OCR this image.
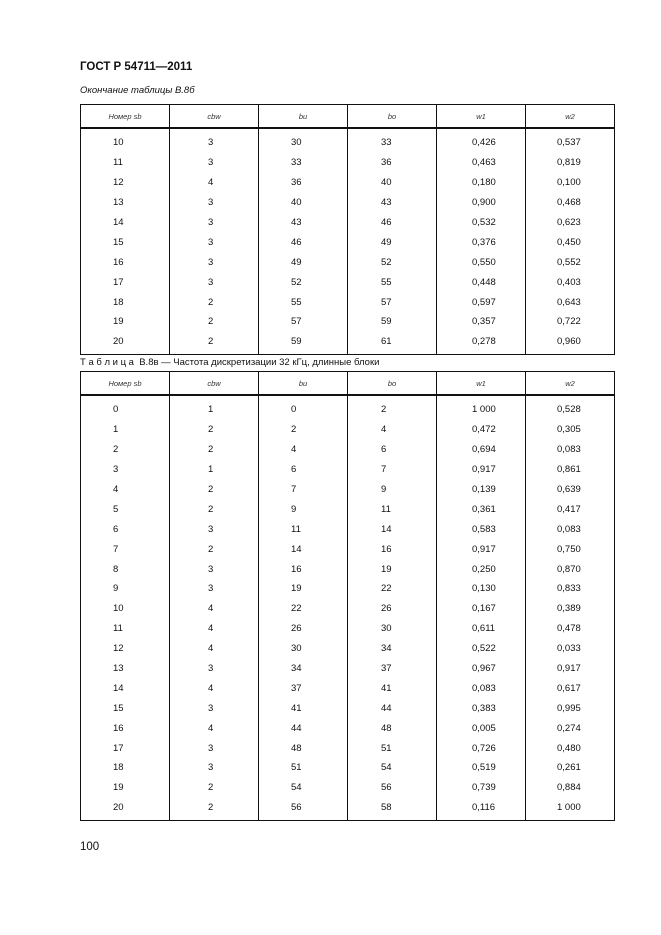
ГОСТ Р 54711—2011
Окончание таблицы В.8б
Номер sb	cbw	bu	bo	w1	w2
10	3	30	33	0,426	0,537
11	3	33	36	0,463	0,819
12	4	36	40	0,180	0,100
13	3	40	43	0,900	0,468
14	3	43	46	0,532	0,623
15	3	46	49	0,376	0,450
16	3	49	52	0,550	0,552
17	3	52	55	0,448	0,403
18	2	55	57	0,597	0,643
19	2	57	59	0,357	0,722
20	2	59	61	0,278	0,960
Т а б л и ц а  В.8в — Частота дискретизации 32 кГц, длинные блоки
Номер sb	cbw	bu	bo	w1	w2
0	1	0	2	1 000	0,528
1	2	2	4	0,472	0,305
2	2	4	6	0,694	0,083
3	1	6	7	0,917	0,861
4	2	7	9	0,139	0,639
5	2	9	11	0,361	0,417
6	3	11	14	0,583	0,083
7	2	14	16	0,917	0,750
8	3	16	19	0,250	0,870
9	3	19	22	0,130	0,833
10	4	22	26	0,167	0,389
11	4	26	30	0,611	0,478
12	4	30	34	0,522	0,033
13	3	34	37	0,967	0,917
14	4	37	41	0,083	0,617
15	3	41	44	0,383	0,995
16	4	44	48	0,005	0,274
17	3	48	51	0,726	0,480
18	3	51	54	0,519	0,261
19	2	54	56	0,739	0,884
20	2	56	58	0,116	1 000
100
